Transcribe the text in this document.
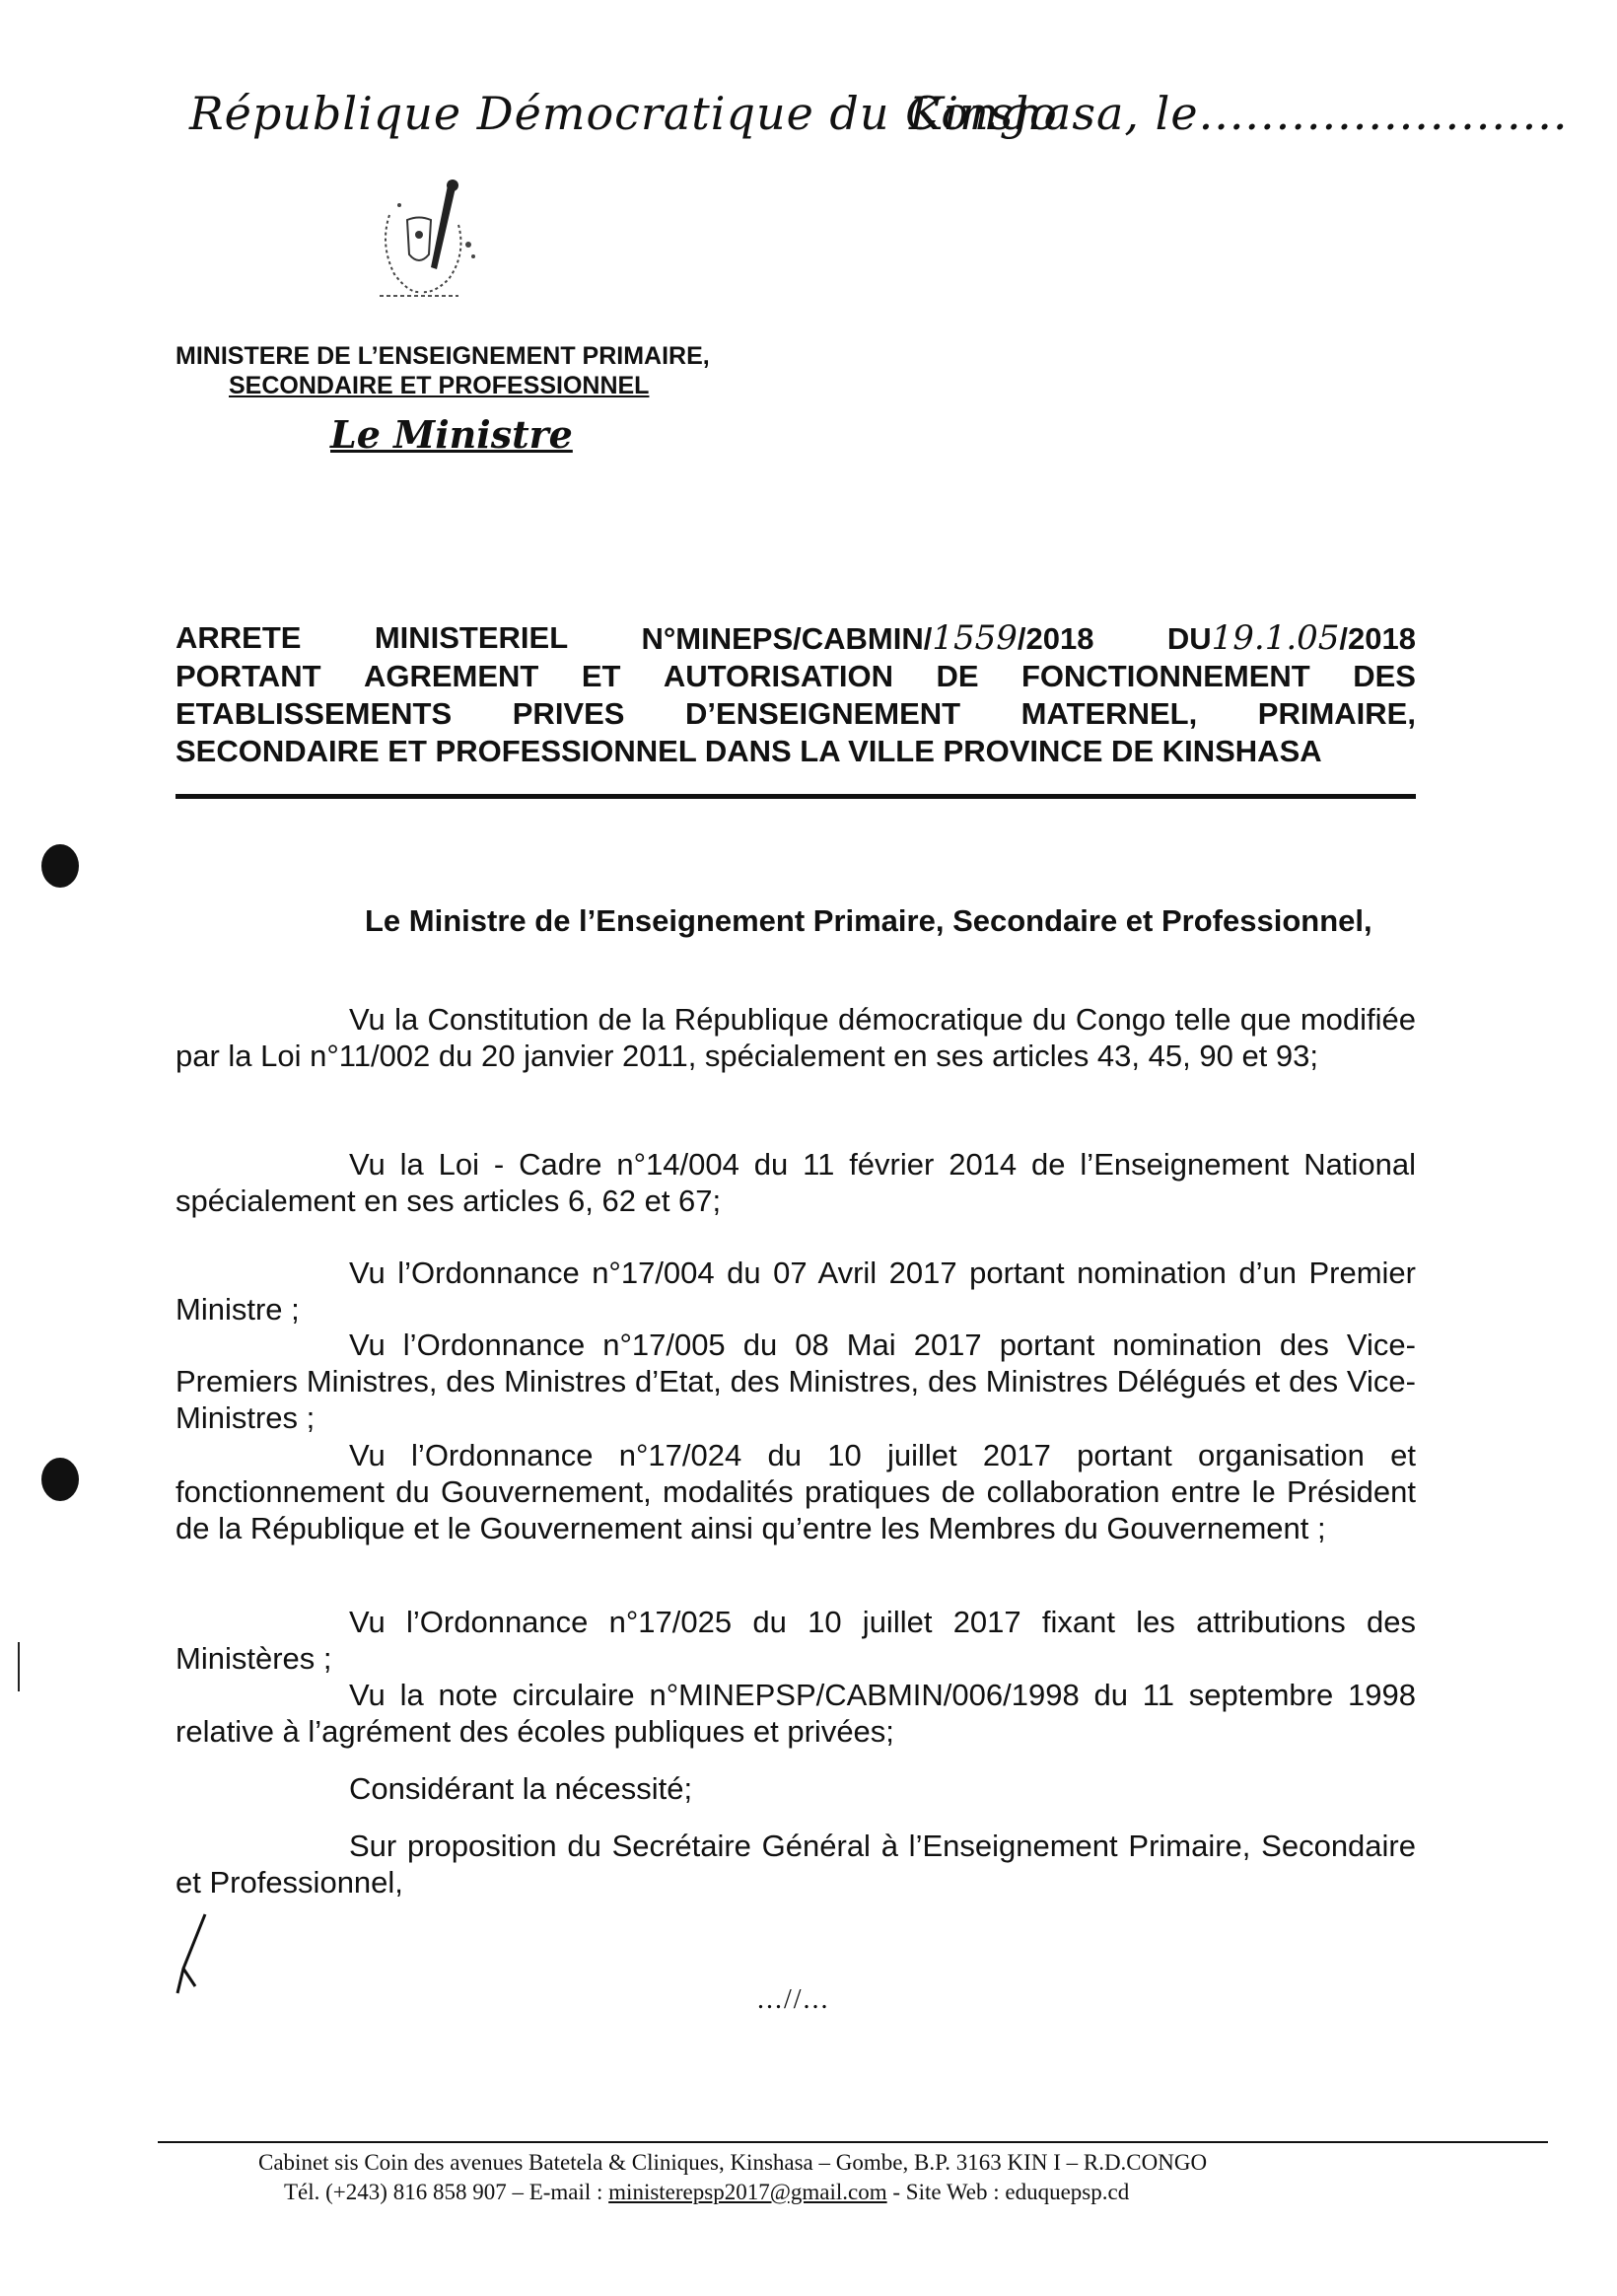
République Démocratique du Congo
Kinshasa, le........................
MINISTERE DE L’ENSEIGNEMENT PRIMAIRE,
SECONDAIRE ET PROFESSIONNEL
Le Ministre
ARRETE MINISTERIEL N°MINEPS/CABMIN/1559/2018 DU19.1.05/2018
PORTANT AGREMENT ET AUTORISATION DE FONCTIONNEMENT DES
ETABLISSEMENTS PRIVES D’ENSEIGNEMENT MATERNEL, PRIMAIRE,
SECONDAIRE ET PROFESSIONNEL DANS LA VILLE PROVINCE DE KINSHASA
Le Ministre de l’Enseignement Primaire, Secondaire et Professionnel,
Vu la Constitution de la République démocratique du Congo telle que modifiée par la Loi n°11/002 du 20 janvier 2011, spécialement en ses articles 43, 45, 90 et 93;
Vu la Loi - Cadre n°14/004 du 11 février 2014 de l’Enseignement National spécialement en ses articles 6, 62 et 67;
Vu l’Ordonnance n°17/004 du 07 Avril 2017 portant nomination d’un Premier Ministre ;
Vu l’Ordonnance n°17/005 du 08 Mai 2017 portant nomination des Vice-Premiers Ministres, des Ministres d’Etat, des Ministres, des Ministres Délégués et des Vice-Ministres ;
Vu l’Ordonnance n°17/024 du 10 juillet 2017 portant organisation et fonctionnement du Gouvernement, modalités pratiques de collaboration entre le Président de la République et le Gouvernement ainsi qu’entre les Membres du Gouvernement ;
Vu l’Ordonnance n°17/025 du 10 juillet 2017 fixant les attributions des Ministères ;
Vu la note circulaire n°MINEPSP/CABMIN/006/1998 du 11 septembre 1998 relative à l’agrément des écoles publiques et privées;
Considérant la nécessité;
Sur proposition du Secrétaire Général à l’Enseignement Primaire, Secondaire et Professionnel,
...//...
Cabinet sis Coin des avenues Batetela & Cliniques, Kinshasa – Gombe, B.P. 3163 KIN I – R.D.CONGO
Tél. (+243) 816 858 907 – E-mail : ministerepsp2017@gmail.com - Site Web : eduquepsp.cd
